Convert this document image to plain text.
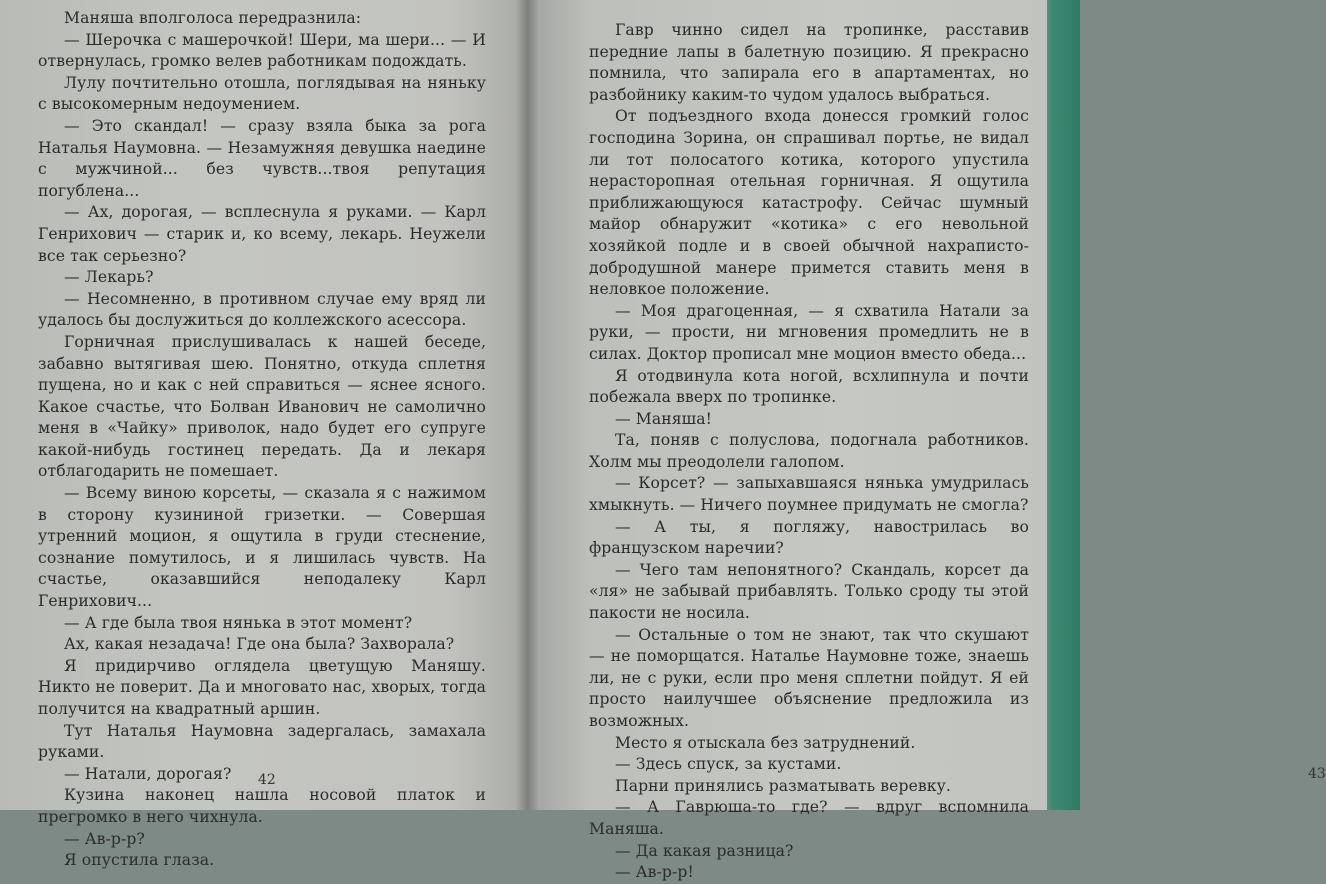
Маняша вполголоса передразнила:

— Шерочка с машерочкой! Шери, ма шери... — И отвернулась, громко велев работникам подождать.

Лулу почтительно отошла, поглядывая на няньку с высокомерным недоумением.

— Это скандал! — сразу взяла быка за рога Наталья Наумовна. — Незамужняя девушка наедине с мужчиной... без чувств...твоя репутация погублена...

— Ах, дорогая, — всплеснула я руками. — Карл Генрихович — старик и, ко всему, лекарь. Неужели все так серьезно?

— Лекарь?

— Несомненно, в противном случае ему вряд ли удалось бы дослужиться до коллежского асессора.

Горничная прислушивалась к нашей беседе, забавно вытягивая шею. Понятно, откуда сплетня пущена, но и как с ней справиться — яснее ясного. Какое счастье, что Болван Иванович не самолично меня в «Чайку» приволок, надо будет его супруге какой-нибудь гостинец передать. Да и лекаря отблагодарить не помешает.

— Всему виною корсеты, — сказала я с нажимом в сторону кузининой гризетки. — Совершая утренний моцион, я ощутила в груди стеснение, сознание помутилось, и я лишилась чувств. На счастье, оказавшийся неподалеку Карл Генрихович...

— А где была твоя нянька в этот момент?

Ах, какая незадача! Где она была? Захворала?

Я придирчиво оглядела цветущую Маняшу. Никто не поверит. Да и многовато нас, хворых, тогда получится на квадратный аршин.

Тут Наталья Наумовна задергалась, замахала руками.

— Натали, дорогая?

Кузина наконец нашла носовой платок и прегромко в него чихнула.

— Ав-р-р?

Я опустила глаза.

42

Гавр чинно сидел на тропинке, расставив передние лапы в балетную позицию. Я прекрасно помнила, что запирала его в апартаментах, но разбойнику каким-то чудом удалось выбраться.

От подъездного входа донесся громкий голос господина Зорина, он спрашивал портье, не видал ли тот полосатого котика, которого упустила нерасторопная отельная горничная. Я ощутила приближающуюся катастрофу. Сейчас шумный майор обнаружит «котика» с его невольной хозяйкой подле и в своей обычной нахраписто-добродушной манере примется ставить меня в неловкое положение.

— Моя драгоценная, — я схватила Натали за руки, — прости, ни мгновения промедлить не в силах. Доктор прописал мне моцион вместо обеда...

Я отодвинула кота ногой, всхлипнула и почти побежала вверх по тропинке.

— Маняша!

Та, поняв с полуслова, подогнала работников. Холм мы преодолели галопом.

— Корсет? — запыхавшаяся нянька умудрилась хмыкнуть. — Ничего поумнее придумать не смогла?

— А ты, я погляжу, навострилась во французском наречии?

— Чего там непонятного? Скандаль, корсет да «ля» не забывай прибавлять. Только сроду ты этой пакости не носила.

— Остальные о том не знают, так что скушают — не поморщатся. Наталье Наумовне тоже, знаешь ли, не с руки, если про меня сплетни пойдут. Я ей просто наилучшее объяснение предложила из возможных.

Место я отыскала без затруднений.

— Здесь спуск, за кустами.

Парни принялись разматывать веревку.

— А Гаврюша-то где? — вдруг вспомнила Маняша.

— Да какая разница?

— Ав-р-р!

43
